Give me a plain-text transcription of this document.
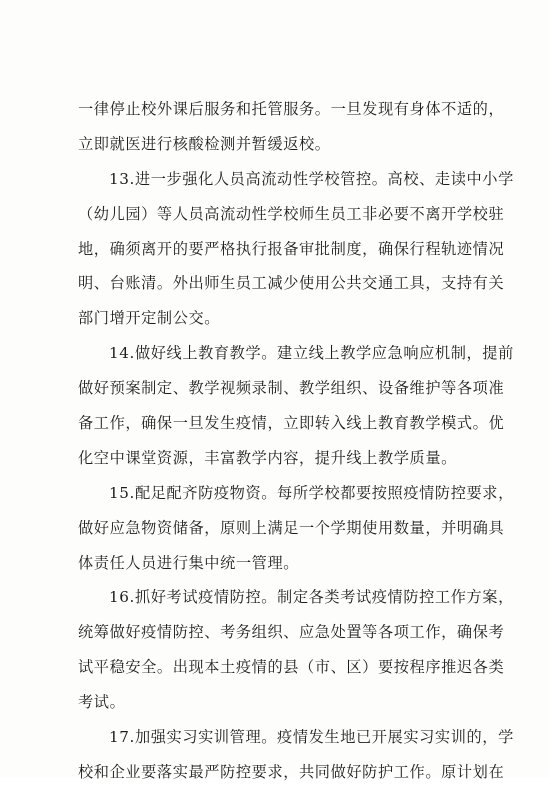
一律停止校外课后服务和托管服务。一旦发现有身体不适的，
立即就医进行核酸检测并暂缓返校。
13.进一步强化人员高流动性学校管控。高校、走读中小学
（幼儿园）等人员高流动性学校师生员工非必要不离开学校驻
地，确须离开的要严格执行报备审批制度，确保行程轨迹情况
明、台账清。外出师生员工减少使用公共交通工具，支持有关
部门增开定制公交。
14.做好线上教育教学。建立线上教学应急响应机制，提前
做好预案制定、教学视频录制、教学组织、设备维护等各项准
备工作，确保一旦发生疫情，立即转入线上教育教学模式。优
化空中课堂资源，丰富教学内容，提升线上教学质量。
15.配足配齐防疫物资。每所学校都要按照疫情防控要求，
做好应急物资储备，原则上满足一个学期使用数量，并明确具
体责任人员进行集中统一管理。
16.抓好考试疫情防控。制定各类考试疫情防控工作方案，
统筹做好疫情防控、考务组织、应急处置等各项工作，确保考
试平稳安全。出现本土疫情的县（市、区）要按程序推迟各类
考试。
17.加强实习实训管理。疫情发生地已开展实习实训的，学
校和企业要落实最严防控要求，共同做好防护工作。原计划在
